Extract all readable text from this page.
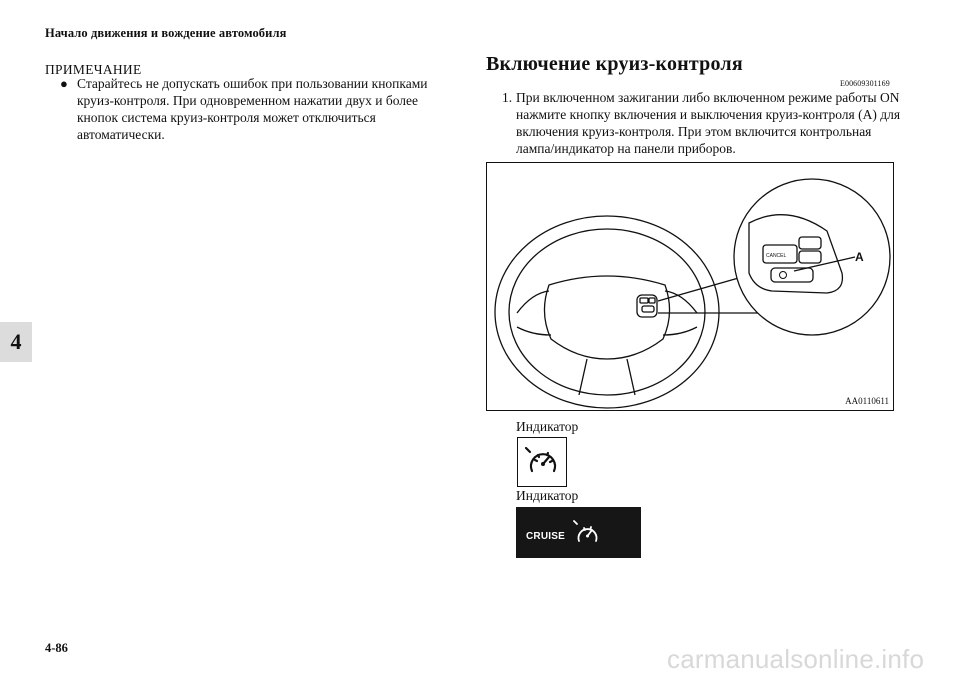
Начало движения и вождение автомобиля
4
ПРИМЕЧАНИЕ
● Старайтесь не допускать ошибок при пользовании кнопками круиз-контроля. При одновременном нажатии двух и более кнопок система круиз-контроля может отключиться автоматически.
Включение круиз-контроля
E00609301169
1. При включенном зажигании либо включенном режиме работы ON нажмите кнопку включения и выключения круиз-контроля (A) для включения круиз-контроля. При этом включится контрольная лампа/индикатор на панели приборов.
CANCEL	A
AA0110611
Индикатор
Индикатор
CRUISE
4-86	carmanualsonline.info
